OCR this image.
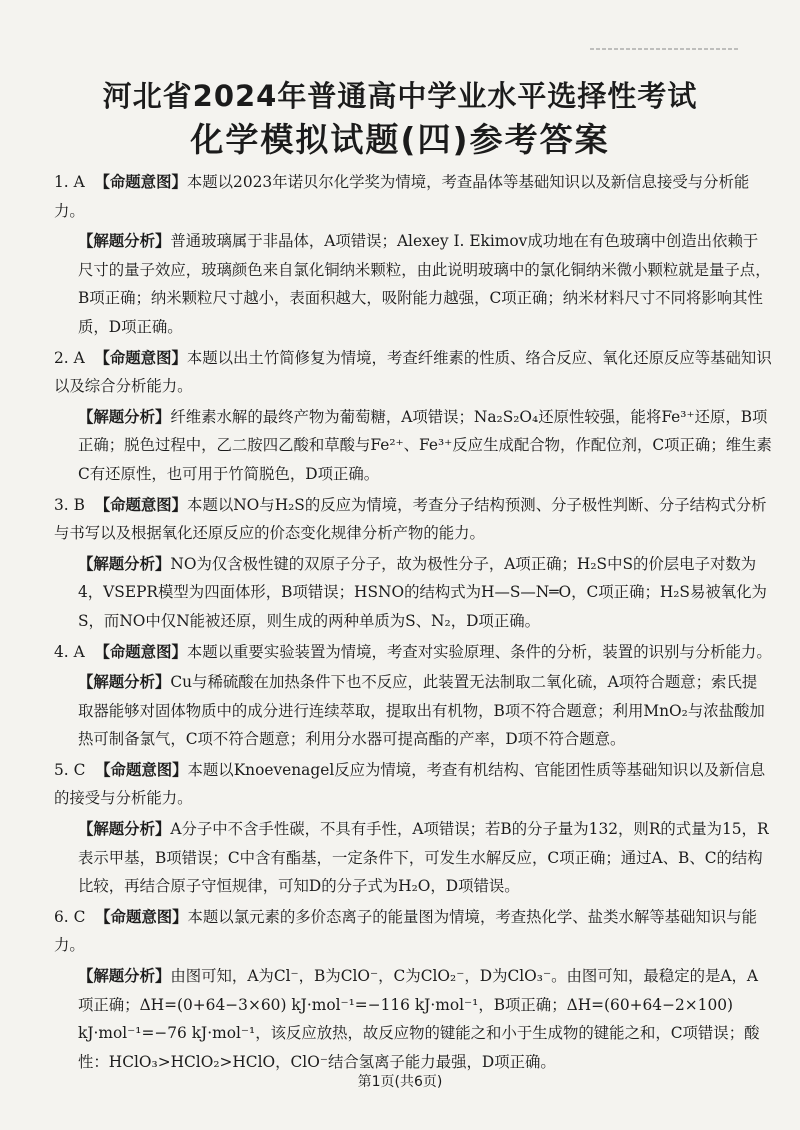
河北省2024年普通高中学业水平选择性考试
化学模拟试题(四)参考答案
1. A 【命题意图】本题以2023年诺贝尔化学奖为情境，考查晶体等基础知识以及新信息接受与分析能力。
【解题分析】普通玻璃属于非晶体，A项错误；Alexey I. Ekimov成功地在有色玻璃中创造出依赖于尺寸的量子效应，玻璃颜色来自氯化铜纳米颗粒，由此说明玻璃中的氯化铜纳米微小颗粒就是量子点，B项正确；纳米颗粒尺寸越小，表面积越大，吸附能力越强，C项正确；纳米材料尺寸不同将影响其性质，D项正确。
2. A 【命题意图】本题以出土竹简修复为情境，考查纤维素的性质、络合反应、氧化还原反应等基础知识以及综合分析能力。
【解题分析】纤维素水解的最终产物为葡萄糖，A项错误；Na₂S₂O₄还原性较强，能将Fe³⁺还原，B项正确；脱色过程中，乙二胺四乙酸和草酸与Fe²⁺、Fe³⁺反应生成配合物，作配位剂，C项正确；维生素C有还原性，也可用于竹简脱色，D项正确。
3. B 【命题意图】本题以NO与H₂S的反应为情境，考查分子结构预测、分子极性判断、分子结构式分析与书写以及根据氧化还原反应的价态变化规律分析产物的能力。
【解题分析】NO为仅含极性键的双原子分子，故为极性分子，A项正确；H₂S中S的价层电子对数为4，VSEPR模型为四面体形，B项错误；HSNO的结构式为H—S—N═O，C项正确；H₂S易被氧化为S，而NO中仅N能被还原，则生成的两种单质为S、N₂，D项正确。
4. A 【命题意图】本题以重要实验装置为情境，考查对实验原理、条件的分析，装置的识别与分析能力。
【解题分析】Cu与稀硫酸在加热条件下也不反应，此装置无法制取二氧化硫，A项符合题意；索氏提取器能够对固体物质中的成分进行连续萃取，提取出有机物，B项不符合题意；利用MnO₂与浓盐酸加热可制备氯气，C项不符合题意；利用分水器可提高酯的产率，D项不符合题意。
5. C 【命题意图】本题以Knoevenagel反应为情境，考查有机结构、官能团性质等基础知识以及新信息的接受与分析能力。
【解题分析】A分子中不含手性碳，不具有手性，A项错误；若B的分子量为132，则R的式量为15，R表示甲基，B项错误；C中含有酯基，一定条件下，可发生水解反应，C项正确；通过A、B、C的结构比较，再结合原子守恒规律，可知D的分子式为H₂O，D项错误。
6. C 【命题意图】本题以氯元素的多价态离子的能量图为情境，考查热化学、盐类水解等基础知识与能力。
【解题分析】由图可知，A为Cl⁻，B为ClO⁻，C为ClO₂⁻，D为ClO₃⁻。由图可知，最稳定的是A，A项正确；ΔH=(0+64−3×60) kJ·mol⁻¹=−116 kJ·mol⁻¹，B项正确；ΔH=(60+64−2×100) kJ·mol⁻¹=−76 kJ·mol⁻¹，该反应放热，故反应物的键能之和小于生成物的键能之和，C项错误；酸性：HClO₃>HClO₂>HClO，ClO⁻结合氢离子能力最强，D项正确。
第1页(共6页)
